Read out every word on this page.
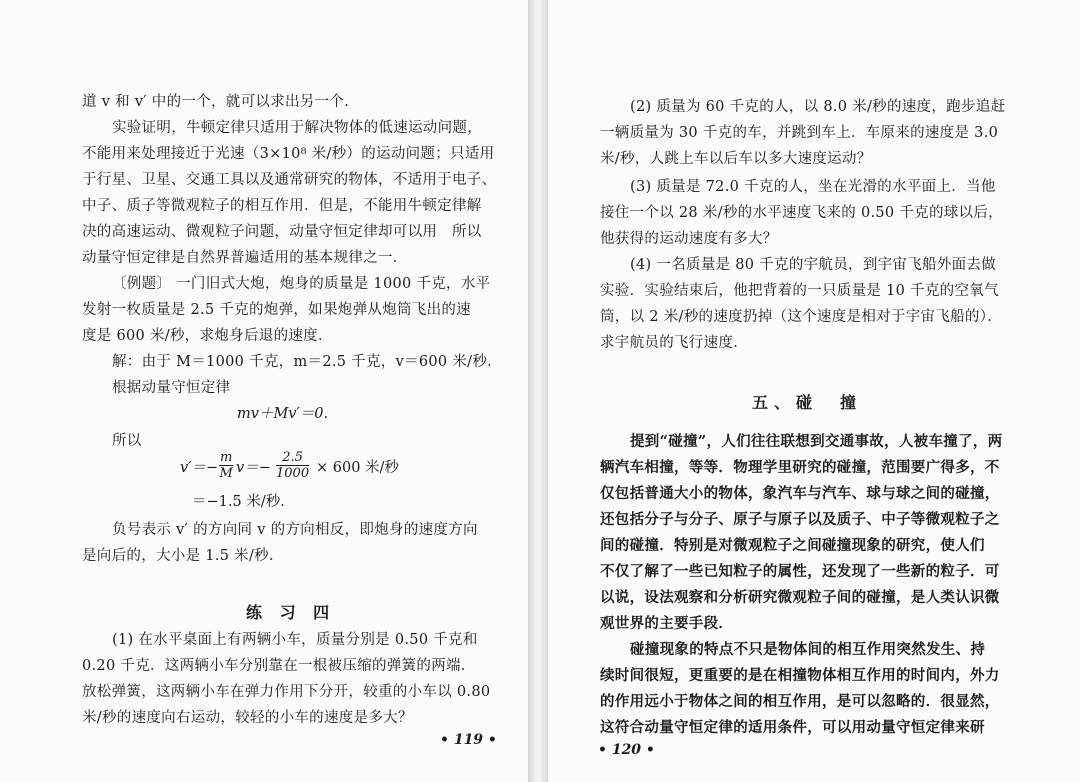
道 v 和 v′ 中的一个，就可以求出另一个.
实验证明，牛顿定律只适用于解决物体的低速运动问题，
不能用来处理接近于光速（3×10⁸ 米/秒）的运动问题；只适用
于行星、卫星、交通工具以及通常研究的物体，不适用于电子、
中子、质子等微观粒子的相互作用．但是，不能用牛顿定律解
决的高速运动、微观粒子问题，动量守恒定律却可以用　所以
动量守恒定律是自然界普遍适用的基本规律之一．
〔例题〕 一门旧式大炮，炮身的质量是 1000 千克，水平
发射一枚质量是 2.5 千克的炮弹，如果炮弹从炮筒飞出的速
度是 600 米/秒，求炮身后退的速度．
解：由于 M＝1000 千克，m＝2.5 千克，v＝600 米/秒．
根据动量守恒定律
mv＋Mv′＝0.
所以
$v'=- \frac{m}{M} v=- \frac{2.5}{1000} \times 600$ 米/秒
＝−1.5 米/秒．
负号表示 v′ 的方向同 v 的方向相反，即炮身的速度方向
是向后的，大小是 1.5 米/秒．
练 习 四
(1) 在水平桌面上有两辆小车，质量分别是 0.50 千克和
0.20 千克．这两辆小车分别靠在一根被压缩的弹簧的两端．
放松弹簧，这两辆小车在弹力作用下分开，较重的小车以 0.80
米/秒的速度向右运动，较轻的小车的速度是多大？
• 119 •
(2) 质量为 60 千克的人，以 8.0 米/秒的速度，跑步追赶
一辆质量为 30 千克的车，并跳到车上．车原来的速度是 3.0
米/秒，人跳上车以后车以多大速度运动？
(3) 质量是 72.0 千克的人，坐在光滑的水平面上．当他
接住一个以 28 米/秒的水平速度飞来的 0.50 千克的球以后，
他获得的运动速度有多大？
(4) 一名质量是 80 千克的宇航员，到宇宙飞船外面去做
实验．实验结束后，他把背着的一只质量是 10 千克的空氧气
筒，以 2 米/秒的速度扔掉（这个速度是相对于宇宙飞船的）．
求宇航员的飞行速度．
五、碰　撞
提到“碰撞”，人们往往联想到交通事故，人被车撞了，两
辆汽车相撞，等等．物理学里研究的碰撞，范围要广得多，不
仅包括普通大小的物体，象汽车与汽车、球与球之间的碰撞，
还包括分子与分子、原子与原子以及质子、中子等微观粒子之
间的碰撞．特别是对微观粒子之间碰撞现象的研究，使人们
不仅了解了一些已知粒子的属性，还发现了一些新的粒子．可
以说，设法观察和分析研究微观粒子间的碰撞，是人类认识微
观世界的主要手段．
碰撞现象的特点不只是物体间的相互作用突然发生、持
续时间很短，更重要的是在相撞物体相互作用的时间内，外力
的作用远小于物体之间的相互作用，是可以忽略的．很显然，
这符合动量守恒定律的适用条件，可以用动量守恒定律来研
• 120 •
